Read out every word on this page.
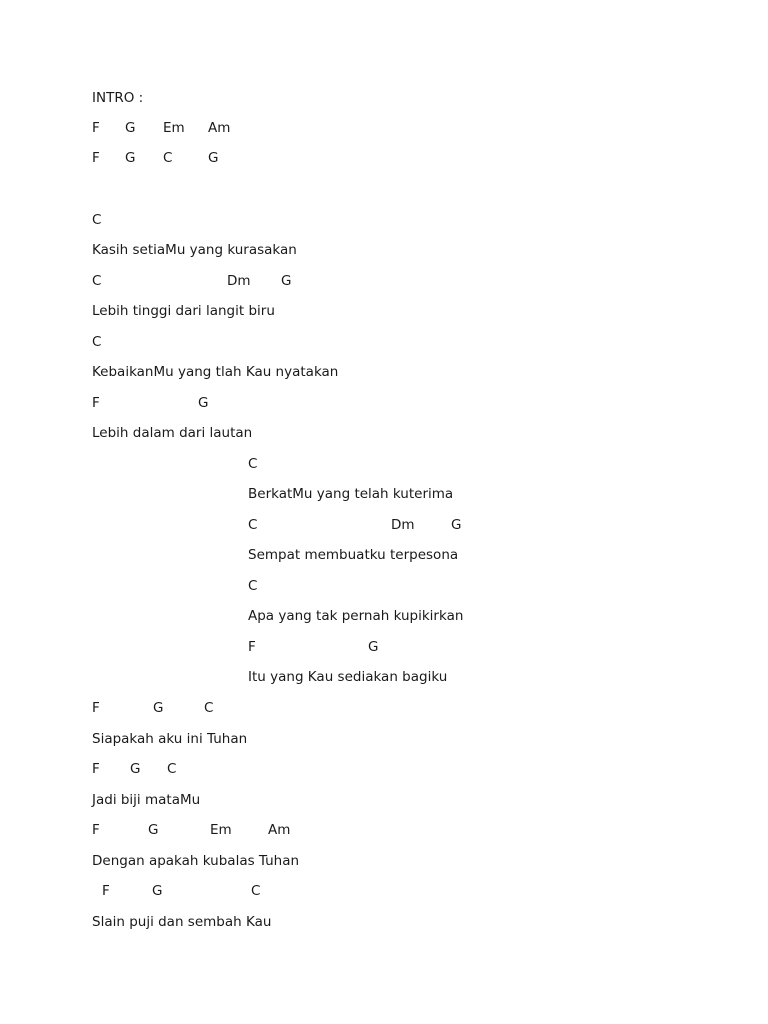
INTRO :
F G Em Am
F G C	G
C
Kasih setiaMu yang kurasakan
C	Dm G
Lebih tinggi dari langit biru
C
KebaikanMu yang tlah Kau nyatakan
F	G
Lebih dalam dari lautan
C
BerkatMu yang telah kuterima
C	Dm	G
Sempat membuatku terpesona
C
Apa yang tak pernah kupikirkan
F	G
Itu yang Kau sediakan bagiku
F	G	C
Siapakah aku ini Tuhan
F G C
Jadi biji mataMu
F	G	Em	Am
Dengan apakah kubalas Tuhan
F	G	C
Slain puji dan sembah Kau
